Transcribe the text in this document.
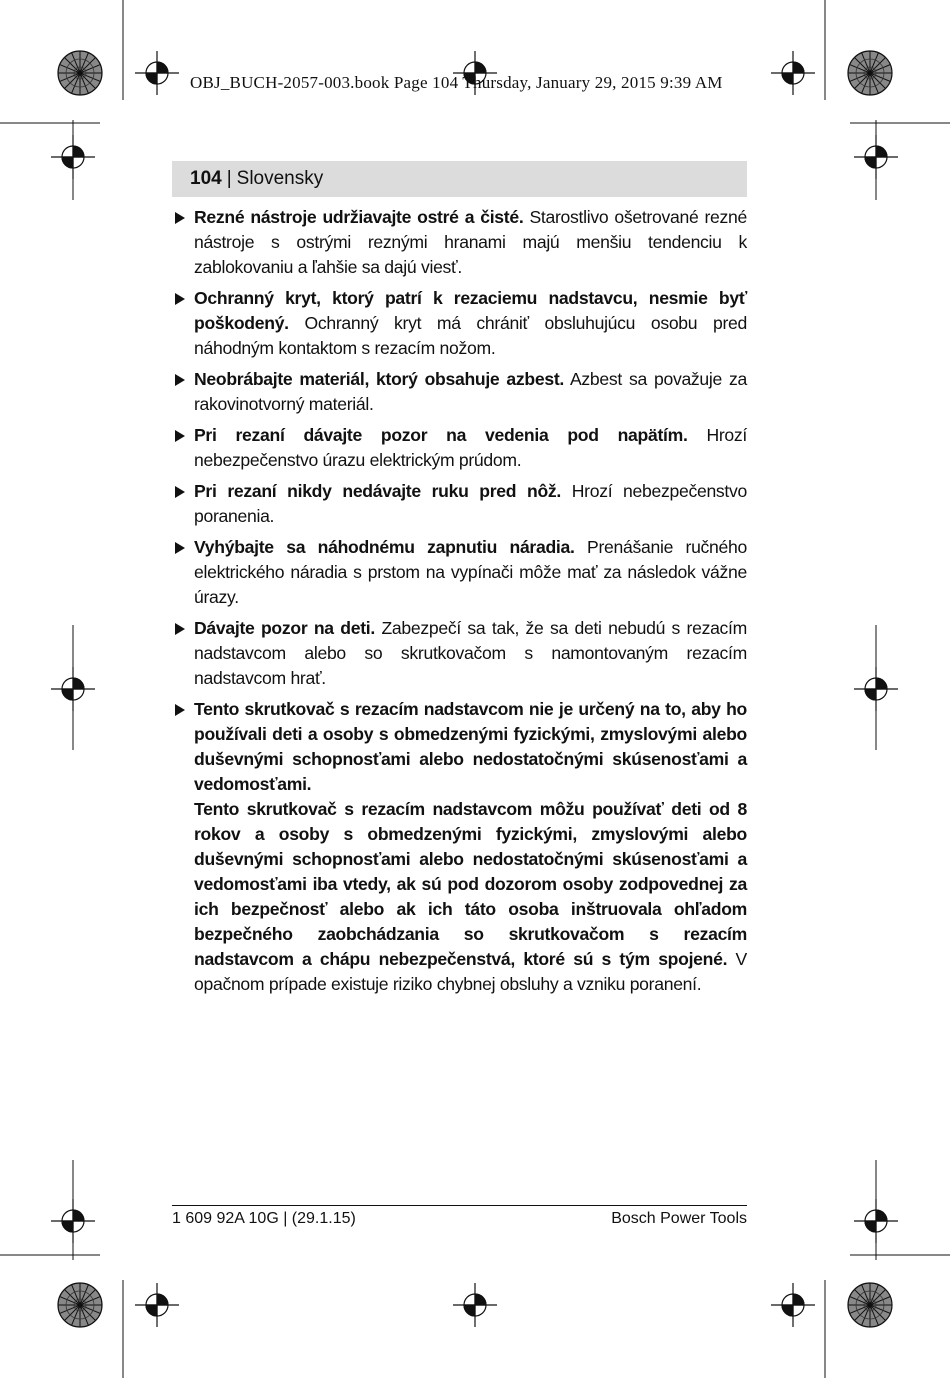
OBJ_BUCH-2057-003.book Page 104 Thursday, January 29, 2015 9:39 AM
104 | Slovensky
Rezné nástroje udržiavajte ostré a čisté. Starostlivo ošetrované rezné nástroje s ostrými reznými hranami majú menšiu tendenciu k zablokovaniu a ľahšie sa dajú viesť.
Ochranný kryt, ktorý patrí k rezaciemu nadstavcu, nesmie byť poškodený. Ochranný kryt má chrániť obsluhujúcu osobu pred náhodným kontaktom s rezacím nožom.
Neobrábajte materiál, ktorý obsahuje azbest. Azbest sa považuje za rakovinotvorný materiál.
Pri rezaní dávajte pozor na vedenia pod napätím. Hrozí nebezpečenstvo úrazu elektrickým prúdom.
Pri rezaní nikdy nedávajte ruku pred nôž. Hrozí nebezpečenstvo poranenia.
Vyhýbajte sa náhodnému zapnutiu náradia. Prenášanie ručného elektrického náradia s prstom na vypínači môže mať za následok vážne úrazy.
Dávajte pozor na deti. Zabezpečí sa tak, že sa deti nebudú s rezacím nadstavcom alebo so skrutkovačom s namontovaným rezacím nadstavcom hrať.
Tento skrutkovač s rezacím nadstavcom nie je určený na to, aby ho používali deti a osoby s obmedzenými fyzickými, zmyslovými alebo duševnými schopnosťami alebo nedostatočnými skúsenosťami a vedomosťami.
Tento skrutkovač s rezacím nadstavcom môžu používať deti od 8 rokov a osoby s obmedzenými fyzickými, zmyslovými alebo duševnými schopnosťami alebo nedostatočnými skúsenosťami a vedomosťami iba vtedy, ak sú pod dozorom osoby zodpovednej za ich bezpečnosť alebo ak ich táto osoba inštruovala ohľadom bezpečného zaobchádzania so skrutkovačom s rezacím nadstavcom a chápu nebezpečenstvá, ktoré sú s tým spojené. V opačnom prípade existuje riziko chybnej obsluhy a vzniku poranení.
1 609 92A 10G | (29.1.15)	Bosch Power Tools
